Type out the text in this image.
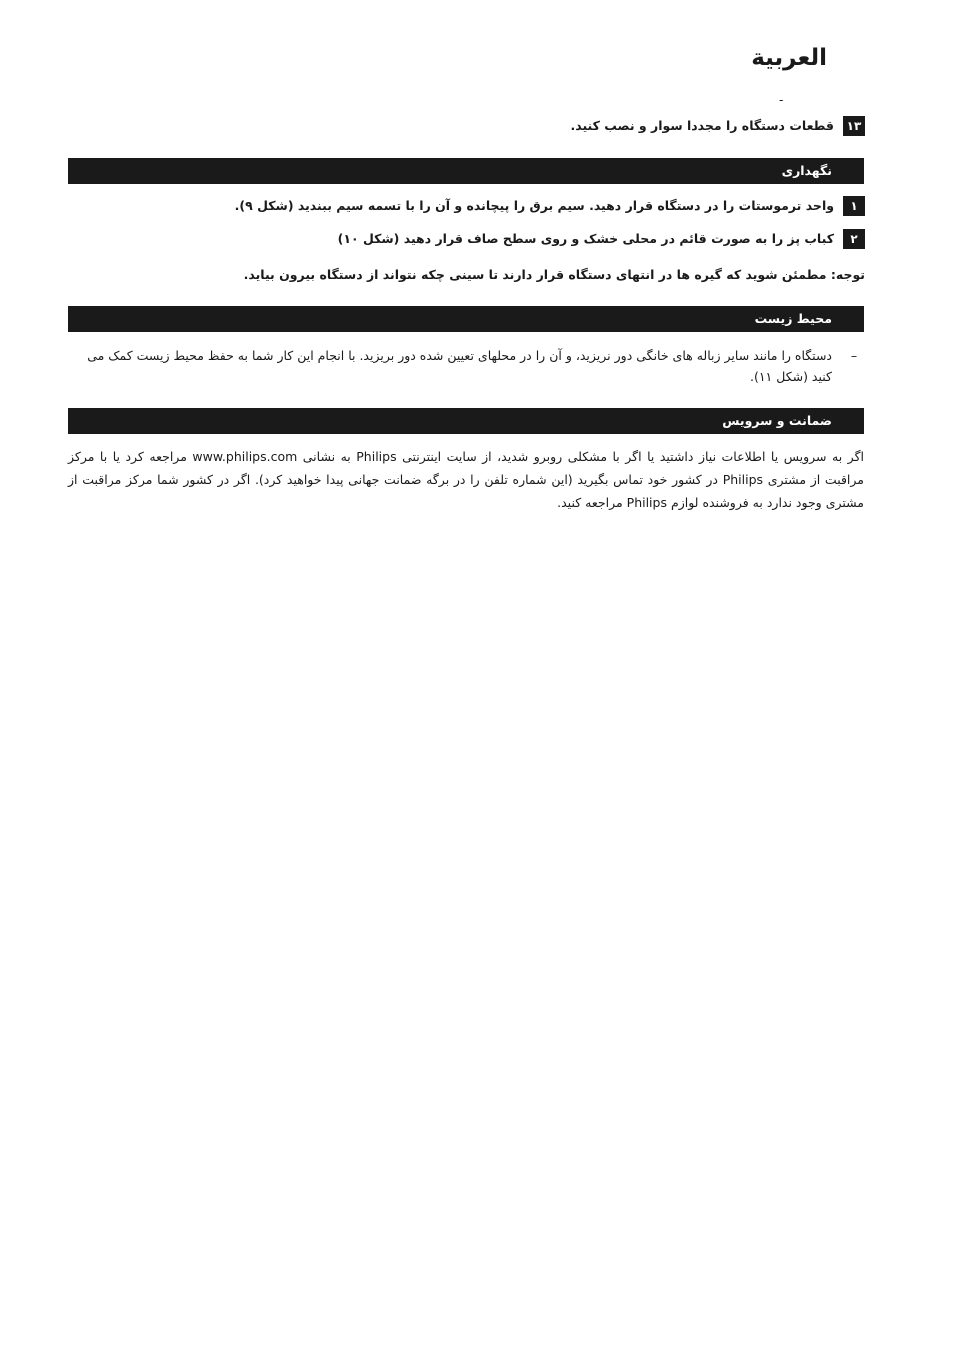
العربية
-
۱۳
قطعات دستگاه را مجددا سوار و نصب کنید.
نگهداری
۱
واحد ترموستات را در دستگاه قرار دهید. سیم برق را پیچانده و آن را با تسمه سیم ببندید (شکل ۹).
۲
کباب پز را به صورت قائم در محلی خشک و روی سطح صاف قرار دهید (شکل ۱۰)
توجه: مطمئن شوید که گیره ها در انتهای دستگاه قرار دارند تا سینی چکه نتواند از دستگاه بیرون بیاید.
محیط زیست
–
دستگاه را مانند سایر زباله های خانگی دور نریزید، و آن را در محلهای تعیین شده دور بریزید. با انجام این کار شما به حفظ محیط زیست کمک می کنید (شکل ۱۱).
ضمانت و سرویس
اگر به سرویس یا اطلاعات نیاز داشتید یا اگر با مشکلی روبرو شدید، از سایت اینترنتی Philips به نشانی www.philips.com مراجعه کرد یا با مرکز مراقبت از مشتری Philips در کشور خود تماس بگیرید (این شماره تلفن را در برگه ضمانت جهانی پیدا خواهید کرد). اگر در کشور شما مرکز مراقبت از مشتری وجود ندارد به فروشنده لوازم Philips مراجعه کنید.
